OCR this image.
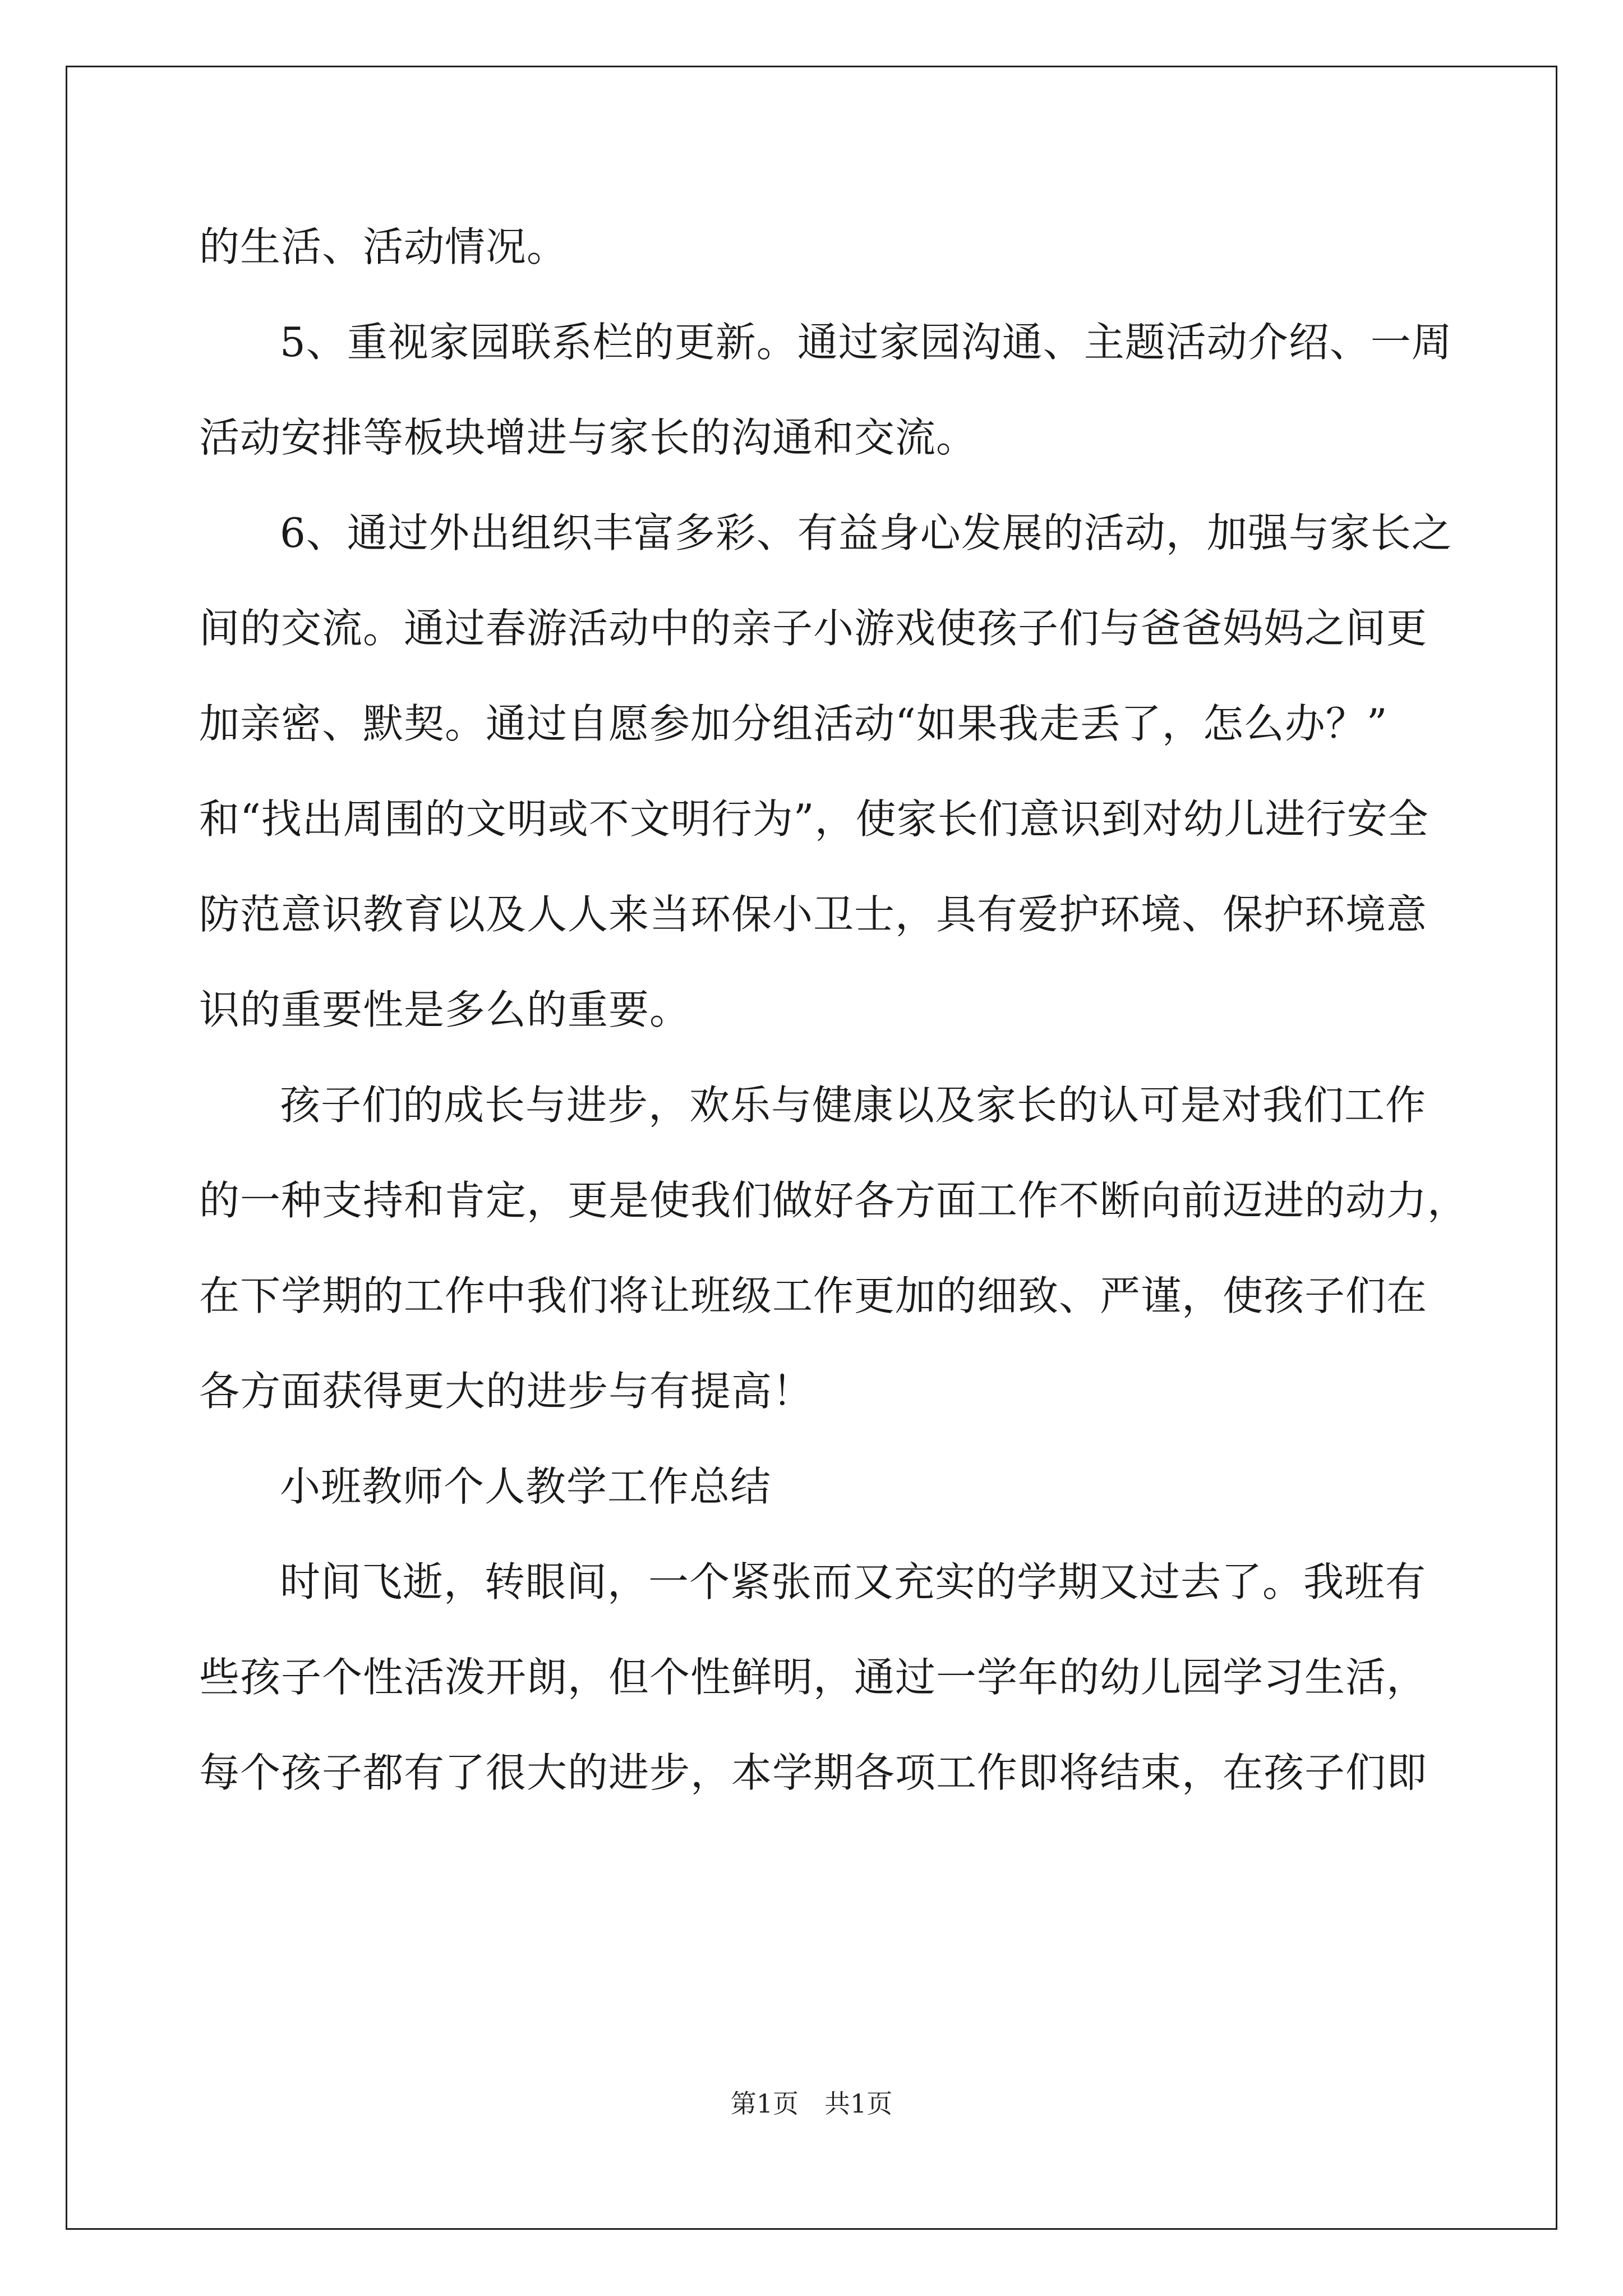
的生活、活动情况。
5、重视家园联系栏的更新。通过家园沟通、主题活动介绍、一周
活动安排等板块增进与家长的沟通和交流。
6、通过外出组织丰富多彩、有益身心发展的活动，加强与家长之
间的交流。通过春游活动中的亲子小游戏使孩子们与爸爸妈妈之间更
加亲密、默契。通过自愿参加分组活动“如果我走丢了，怎么办？”
和“找出周围的文明或不文明行为”，使家长们意识到对幼儿进行安全
防范意识教育以及人人来当环保小卫士，具有爱护环境、保护环境意
识的重要性是多么的重要。
孩子们的成长与进步，欢乐与健康以及家长的认可是对我们工作
的一种支持和肯定，更是使我们做好各方面工作不断向前迈进的动力，
在下学期的工作中我们将让班级工作更加的细致、严谨，使孩子们在
各方面获得更大的进步与有提高！
小班教师个人教学工作总结
时间飞逝，转眼间，一个紧张而又充实的学期又过去了。我班有
些孩子个性活泼开朗，但个性鲜明，通过一学年的幼儿园学习生活，
每个孩子都有了很大的进步，本学期各项工作即将结束，在孩子们即
第1页　共1页
